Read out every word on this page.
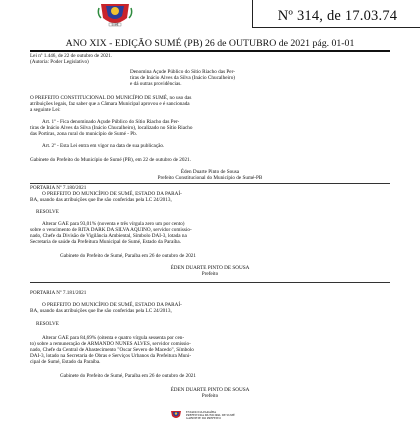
SUMÉ
Nº 314, de 17.03.74
ANO XIX - EDIÇÃO SUMÉ (PB) 26 de OUTUBRO de 2021 pág. 01-01
Lei nº 1.446, de 22 de outubro de 2021.
(Autoria: Poder Legislativo)
Denomina Açude Público do Sítio Riacho das Per-
tiras de Inácio Alves da Silva (Inácio Chucalheiro)
e dá outras providências.
O PREFEITO CONSTITUCIONAL DO MUNICÍPIO DE SUMÉ, no uso das
atribuições legais, faz saber que a Câmara Municipal aprovou e é sancionada
a seguinte Lei:
Art. 1º - Fica denominado Açude Público do Sítio Riacho das Per-
tiras de Inácio Alves da Silva (Inácio Chucalheiro), localizado no Sítio Riacho
das Portiras, zona rural do município de Sumé - Pb.
Art. 2º - Esta Lei entra em vigor na data de sua publicação.
Gabinete do Prefeito do Município de Sumé (PB), em 22 de outubro de 2021.
Éden Duarte Pinto de Sousa
Prefeito Constitucional do Município de Sumé-PB
PORTARIA Nº 7.180/2021
O PREFEITO DO MUNICÍPIO DE SUMÉ, ESTADO DA PARAÍ-
BA, usando das atribuições que lhe são conferidas pela LC 24/2013,
RESOLVE
Alterar GAE para 93,01% (noventa e três vírgula zero um por cento)
sobre o vencimento de RITA DARK DA SILVA AQUINO, servidor comissio-
nado, Chefe da Divisão de Vigilância Ambiental, Símbolo DAI-3, lotada na
Secretaria de saúde da Prefeitura Municipal de Sumé, Estado da Paraíba.
Gabinete do Prefeito de Sumé, Paraíba em 26 de outubro de 2021
ÉDEN DUARTE PINTO DE SOUSA
Prefeito
PORTARIA Nº 7.181/2021
O PREFEITO DO MUNICÍPIO DE SUMÉ, ESTADO DA PARAÍ-
BA, usando das atribuições que lhe são conferidas pela LC 24/2013,
RESOLVE
Alterar GAE para 84,69% (oitenta e quatro vírgula sessenta por cen-
to) sobre a remuneração de ARMANDO NUNES ALVES, servidor comissio-
nado, Chefe da Central de Abastecimento "Oscar Severo de Macedo", Símbolo
DAI-3, lotado na Secretaria de Obras e Serviços Urbanos da Prefeitura Muni-
cipal de Sumé, Estado da Paraíba.
Gabinete do Prefeito de Sumé, Paraíba em 26 de outubro de 2021
ÉDEN DUARTE PINTO DE SOUSA
Prefeito
ESTADO DA PARAÍBA
PREFEITURA MUNICIPAL DE SUMÉ
GABINETE DO PREFEITO
